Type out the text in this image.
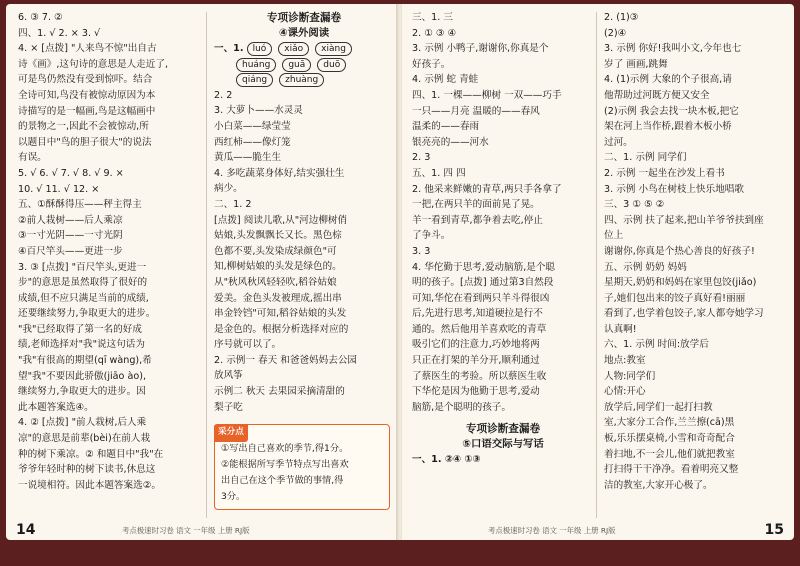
6. ③ 7. ②
四、1. √ 2. × 3. √
4. × [点拨] "人来鸟不惊"出自古
诗《画》,这句诗的意思是人走近了,
可是鸟仍然没有受到惊吓。结合
全诗可知,鸟没有被惊动原因为本
诗描写的是一幅画,鸟是这幅画中
的景物之一,因此不会被惊动,所
以题目中"鸟的胆子很大"的说法
有误。
5. √ 6. √ 7. √ 8. √ 9. ×
10. √ 11. √ 12. ×
五、①酥酥得压——秤主得主
②前人栽树——后人乘凉
③一寸光阴——一寸光阴
④百尺竿头——更进一步
3. ③ [点拨] "百尺竿头,更进一
步"的意思是虽然取得了很好的
成绩,但不应只满足当前的成绩,
还要继续努力,争取更大的进步。
"我"已经取得了第一名的好成
绩,老师选择对"我"说这句话为
"我"有很高的期望(qī wàng),希
望"我"不要因此骄傲(jiāo ào),
继续努力,争取更大的进步。因
此本题答案选④。
4. ② [点拨] "前人栽树,后人乘
凉"的意思是前辈(bèi)在前人栽
种的树下乘凉。② 和题目中"我"在
爷爷年轻时种的树下读书,休息这
一说境相符。因此本题答案选②。
专项诊断查漏卷
④课外阅读
一、1. luó xiǎo xiàng
huáng guā duō
qiáng zhuàng
2. 2
3. 大萝卜——水灵灵
小白菜——绿莹莹
西红柿——像灯笼
黄瓜——脆生生
4. 多吃蔬菜身体好,结实强壮生
病少。
二、1. 2
[点拨] 阅读儿歌,从"河边柳树俏
姑娘,头发飘飘长又长。黑色棕
色都不要,头发染成绿颜色"可
知,柳树姑娘的头发是绿色的。
从"秋风秋风轻轻吹,稻谷姑娘
爱美。金色头发被理成,摇出串
串金铃铛"可知,稻谷姑娘的头发
是金色的。根据分析选择对应的
序号就可以了。
2. 示例一 春天 和爸爸妈妈去公园
放风筝
示例二 秋天 去果园采摘清甜的
梨子吃
采分点
①写出自己喜欢的季节,得1分。
②能根据所写季节特点写出喜欢
出自己在这个季节做的事情,得
3分。
14	考点极速时习卷 语文 一年级 上册 RJ版
三、1. 三
2. ① ③ ④
3. 示例 小鸭子,谢谢你,你真是个
好孩子。
4. 示例 蛇 青蛙
四、1. 一棵——柳树 一双——巧手
一只——月亮 温暖的——春风
温柔的——春雨
银亮亮的——河水
2. 3
五、1. 四 四
2. 他采来鲜嫩的青草,两只手各拿了
一把,在两只羊的面前晃了晃。
羊一看到青草,都争着去吃,停止
了争斗。
3. 3
4. 华佗勤于思考,爱动脑筋,是个聪
明的孩子。[点拨] 通过第3自然段
可知,华佗在看到两只羊斗得很凶
后,先进行思考,知道硬拉是行不
通的。然后他用羊喜欢吃的青草
吸引它们的注意力,巧妙地将两
只正在打架的羊分开,顺利通过
了蔡医生的考验。所以蔡医生收
下华佗是因为他勤于思考,爱动
脑筋,是个聪明的孩子。
专项诊断查漏卷
⑤口语交际与写话
一、1. ②④ ①③
2. (1)③
(2)④
3. 示例 你好!我叫小文,今年也七
岁了 画画,跳舞
4. (1)示例 大象的个子很高,请
他帮助过河既方便又安全
(2)示例 我会去找一块木板,把它
架在河上当作桥,跟着木板小桥
过河。
二、1. 示例 同学们
2. 示例 一起坐在沙发上看书
3. 示例 小鸟在树枝上快乐地唱歌
三、3 ① ⑤ ②
四、示例 扶了起来,把山羊爷爷扶到座
位上
谢谢你,你真是个热心善良的好孩子!
五、示例 奶奶 妈妈
星期天,奶奶和妈妈在家里包饺(jiǎo)
子,她们包出来的饺子真好看!丽丽
看到了,也学着包饺子,家人都夸她学习
认真啊!
六、1. 示例 时间:放学后
地点:教室
人物:同学们
心情:开心
放学后,同学们一起打扫教
室,大家分工合作,兰兰擦(cā)黑
板,乐乐摆桌椅,小雪和奇奇配合
着扫地,不一会儿,他们就把教室
打扫得干干净净。看着明亮又整
洁的教室,大家开心极了。
15
考点极速时习卷 语文 一年级 上册 RJ版
